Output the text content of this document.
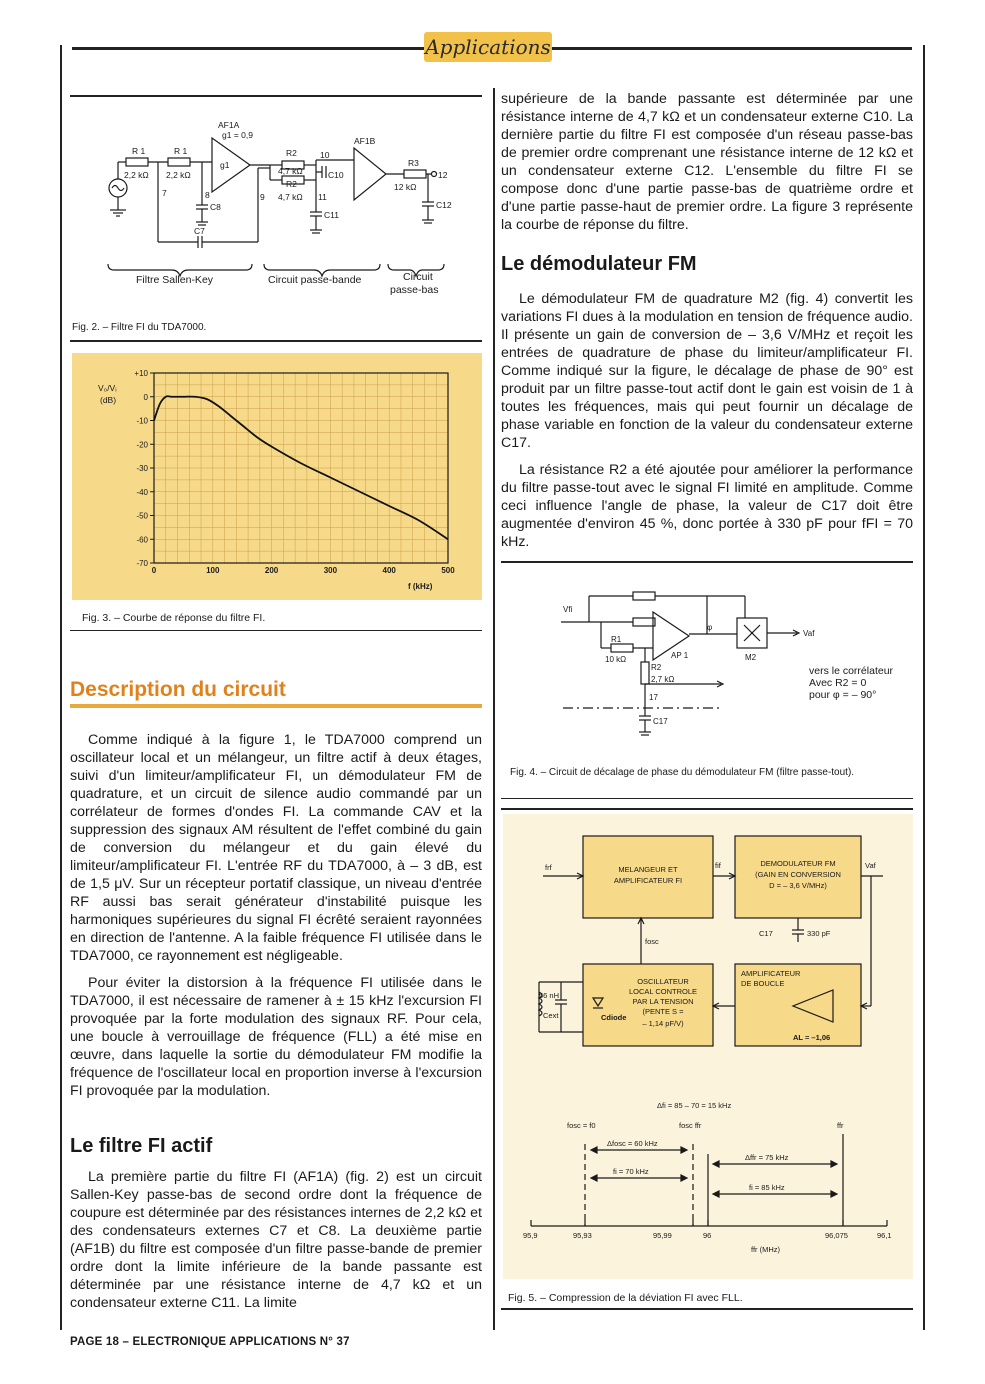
Applications
AF1A
g1 = 0,9
g1
R 1	R 1
2,2 kΩ 2,2 kΩ
7	8
C8
C7
9
R2
4,7 kΩ
R2
4,7 kΩ
10
C10
11
C11
AF1B
R3
12 kΩ
12
C12
Filtre Sallen-Key	Circuit passe-bande	Circuit
passe-bas
Fig. 2. – Filtre FI du TDA7000.
V₀/Vᵢ
(dB)
f (kHz)
+10
0
-10
-20
-30
-40
-50
-60
-70
0	100	200	300	400	500
Fig. 3. – Courbe de réponse du filtre FI.
Description du circuit

Comme indiqué à la figure 1, le TDA7000 comprend un oscillateur local et un mélangeur, un filtre actif à deux étages, suivi d'un limiteur/amplificateur FI, un démodulateur FM de quadrature, et un circuit de silence audio commandé par un corrélateur de formes d'ondes FI. La commande CAV et la suppression des signaux AM résultent de l'effet combiné du gain de conversion du mélangeur et du gain élevé du limiteur/amplificateur FI. L'entrée RF du TDA7000, à – 3 dB, est de 1,5 μV. Sur un récepteur portatif classique, un niveau d'entrée RF aussi bas serait générateur d'instabilité puisque les harmoniques supérieures du signal FI écrêté seraient rayonnées en direction de l'antenne. A la faible fréquence FI utilisée dans le TDA7000, ce rayonnement est négligeable.

Pour éviter la distorsion à la fréquence FI utilisée dans le TDA7000, il est nécessaire de ramener à ± 15 kHz l'excursion FI provoquée par la forte modulation des signaux RF. Pour cela, une boucle à verrouillage de fréquence (FLL) a été mise en œuvre, dans laquelle la sortie du démodulateur FM modifie la fréquence de l'oscillateur local en proportion inverse à l'excursion FI provoquée par la modulation.

Le filtre FI actif

La première partie du filtre FI (AF1A) (fig. 2) est un circuit Sallen-Key passe-bas de second ordre dont la fréquence de coupure est déterminée par des résistances internes de 2,2 kΩ et des condensateurs externes C7 et C8. La deuxième partie (AF1B) du filtre est composée d'un filtre passe-bande de premier ordre dont la limite inférieure de la bande passante est déterminée par une résistance interne de 4,7 kΩ et un condensateur externe C11. La limite

supérieure de la bande passante est déterminée par une résistance interne de 4,7 kΩ et un condensateur externe C10. La dernière partie du filtre FI est composée d'un réseau passe-bas de premier ordre comprenant une résistance interne de 12 kΩ et un condensateur externe C12. L'ensemble du filtre FI se compose donc d'une partie passe-bas de quatrième ordre et d'une partie passe-haut de premier ordre. La figure 3 représente la courbe de réponse du filtre.

Le démodulateur FM

Le démodulateur FM de quadrature M2 (fig. 4) convertit les variations FI dues à la modulation en tension de fréquence audio. Il présente un gain de conversion de – 3,6 V/MHz et reçoit les entrées de quadrature de phase du limiteur/amplificateur FI. Comme indiqué sur la figure, le décalage de phase de 90° est produit par un filtre passe-tout actif dont le gain est voisin de 1 à toutes les fréquences, mais qui peut fournir un décalage de phase variable en fonction de la valeur du condensateur externe C17.

La résistance R2 a été ajoutée pour améliorer la performance du filtre passe-tout avec le signal FI limité en amplitude. Comme ceci influence l'angle de phase, la valeur de C17 doit être augmentée d'environ 45 %, donc portée à 330 pF pour fFI = 70 kHz.

Vfi
R1
10 kΩ	AP 1
R2
2,7 kΩ
17
C17
φ
M2
Vaf
vers le corrélateur
Avec R2 = 0
pour φ = – 90°
Fig. 4. – Circuit de décalage de phase du démodulateur FM (filtre passe-tout).
MELANGEUR ET
AMPLIFICATEUR FI
DEMODULATEUR FM
(GAIN EN CONVERSION
D = – 3,6 V/MHz)
OSCILLATEUR
LOCAL CONTROLE
PAR LA TENSION
(PENTE S =
– 1,14 pF/V)
AMPLIFICATEUR
DE BOUCLE
AL = –1,06
frf	fif	Vaf
fosc
C17	330 pF
56 nH
Cext	Cdiode
Δfi = 85 – 70 = 15 kHz
fosc = f0	fosc ffr	ffr
Δfosc = 60 kHz
fi = 70 kHz
Δffr = 75 kHz
fi = 85 kHz
95,9	95,93	95,99	96	96,075	96,1
ffr (MHz)
Fig. 5. – Compression de la déviation FI avec FLL.
PAGE 18 – ELECTRONIQUE APPLICATIONS N° 37
